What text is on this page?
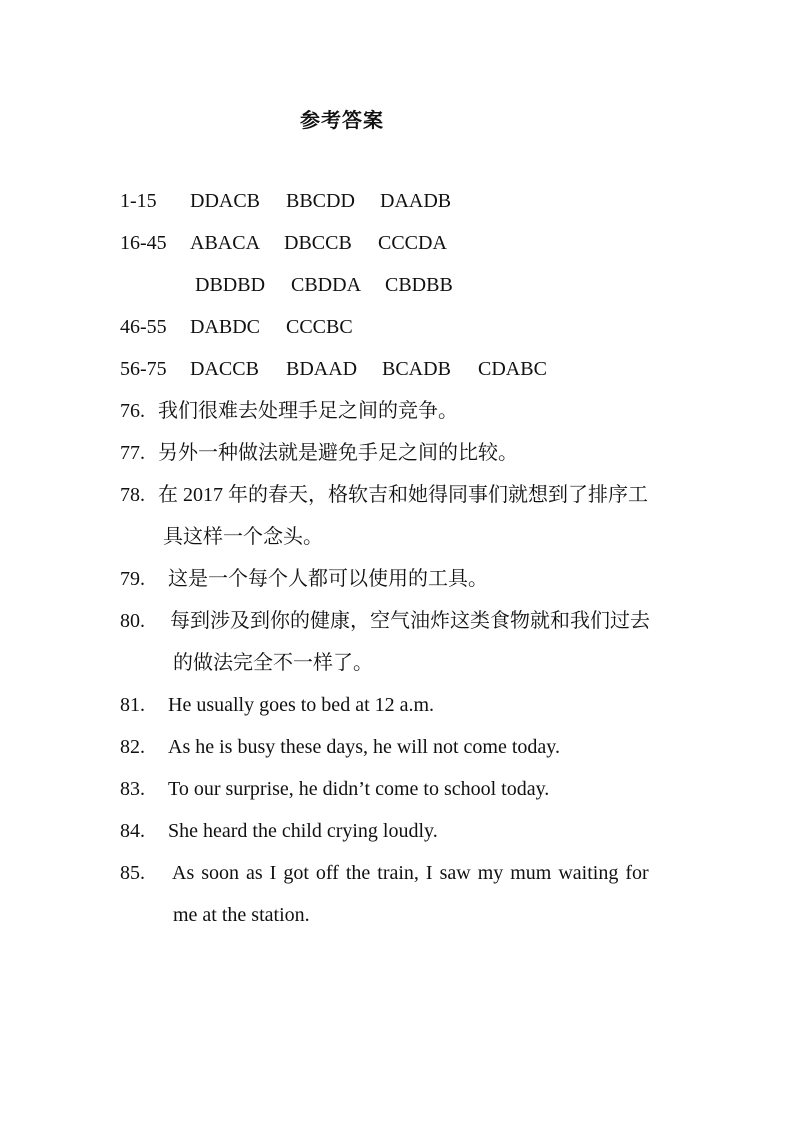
参考答案
1-15 DDACB BBCDD DAADB
16-45 ABACA DBCCB CCCDA
DBDBD CBDDA CBDBB
46-55 DABDC CCCBC
56-75 DACCB BDAAD BCADB CDABC
76. 我们很难去处理手足之间的竞争。
77. 另外一种做法就是避免手足之间的比较。
78. 在 2017 年的春天，格软吉和她得同事们就想到了排序工
具这样一个念头。
79. 这是一个每个人都可以使用的工具。
80. 每到涉及到你的健康，空气油炸这类食物就和我们过去
的做法完全不一样了。
81. He usually goes to bed at 12 a.m.
82. As he is busy these days, he will not come today.
83. To our surprise, he didn’t come to school today.
84. She heard the child crying loudly.
85. As soon as I got off the train, I saw my mum waiting for
me at the station.
